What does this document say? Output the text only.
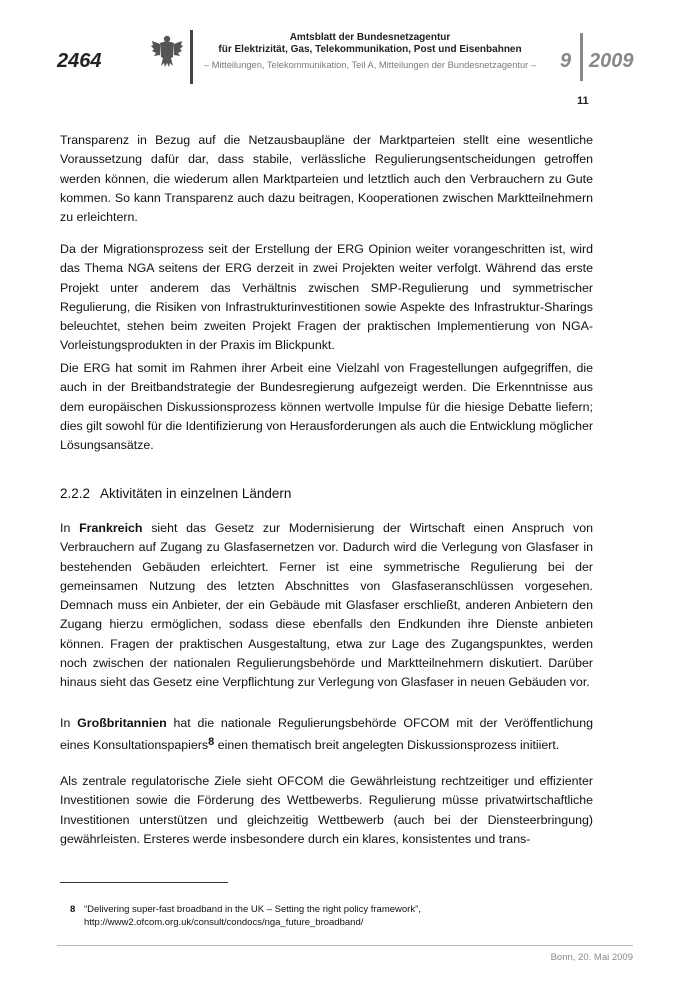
2464
Amtsblatt der Bundesnetzagentur
für Elektrizität, Gas, Telekommunikation, Post und Eisenbahnen
– Mitteilungen, Telekommunikation, Teil A, Mitteilungen der Bundesnetzagentur –	9 2009
11

Transparenz in Bezug auf die Netzausbaupläne der Marktparteien stellt eine wesentliche Voraussetzung dafür dar, dass stabile, verlässliche Regulierungsentscheidungen getroffen werden können, die wiederum allen Marktparteien und letztlich auch den Verbrauchern zu Gute kommen. So kann Transparenz auch dazu beitragen, Kooperationen zwischen Marktteilnehmern zu erleichtern.

Da der Migrationsprozess seit der Erstellung der ERG Opinion weiter vorangeschritten ist, wird das Thema NGA seitens der ERG derzeit in zwei Projekten weiter verfolgt. Während das erste Projekt unter anderem das Verhältnis zwischen SMP-Regulierung und symmetrischer Regulierung, die Risiken von Infrastrukturinvestitionen sowie Aspekte des Infrastruktur-Sharings beleuchtet, stehen beim zweiten Projekt Fragen der praktischen Implementierung von NGA-Vorleistungsprodukten in der Praxis im Blickpunkt.

Die ERG hat somit im Rahmen ihrer Arbeit eine Vielzahl von Fragestellungen aufgegriffen, die auch in der Breitbandstrategie der Bundesregierung aufgezeigt werden. Die Erkenntnisse aus dem europäischen Diskussionsprozess können wertvolle Impulse für die hiesige Debatte liefern; dies gilt sowohl für die Identifizierung von Herausforderungen als auch die Entwicklung möglicher Lösungsansätze.

2.2.2 Aktivitäten in einzelnen Ländern

In Frankreich sieht das Gesetz zur Modernisierung der Wirtschaft einen Anspruch von Verbrauchern auf Zugang zu Glasfasernetzen vor. Dadurch wird die Verlegung von Glasfaser in bestehenden Gebäuden erleichtert. Ferner ist eine symmetrische Regulierung bei der gemeinsamen Nutzung des letzten Abschnittes von Glasfaseranschlüssen vorgesehen. Demnach muss ein Anbieter, der ein Gebäude mit Glasfaser erschließt, anderen Anbietern den Zugang hierzu ermöglichen, sodass diese ebenfalls den Endkunden ihre Dienste anbieten können. Fragen der praktischen Ausgestaltung, etwa zur Lage des Zugangspunktes, werden noch zwischen der nationalen Regulierungsbehörde und Marktteilnehmern diskutiert. Darüber hinaus sieht das Gesetz eine Verpflichtung zur Verlegung von Glasfaser in neuen Gebäuden vor.

In Großbritannien hat die nationale Regulierungsbehörde OFCOM mit der Veröffentlichung eines Konsultationspapiers8 einen thematisch breit angelegten Diskussionsprozess initiiert.

Als zentrale regulatorische Ziele sieht OFCOM die Gewährleistung rechtzeitiger und effizienter Investitionen sowie die Förderung des Wettbewerbs. Regulierung müsse privatwirtschaftliche Investitionen unterstützen und gleichzeitig Wettbewerb (auch bei der Diensteerbringung) gewährleisten. Ersteres werde insbesondere durch ein klares, konsistentes und trans-

8 “Delivering super-fast broadband in the UK – Setting the right policy framework”,
http://www2.ofcom.org.uk/consult/condocs/nga_future_broadband/
Bonn, 20. Mai 2009
